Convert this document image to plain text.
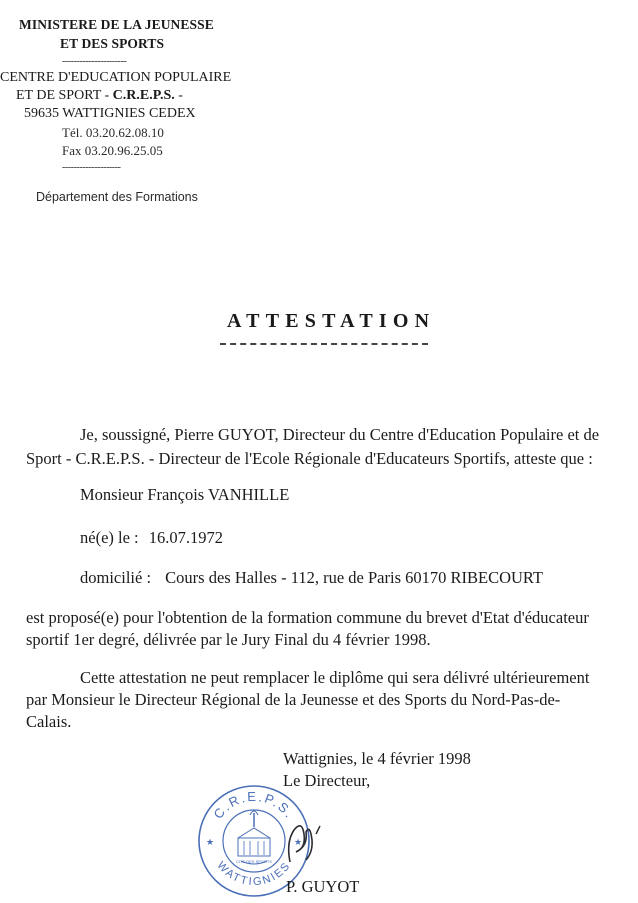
MINISTERE DE LA JEUNESSE
ET DES SPORTS
----------------------
CENTRE D'EDUCATION POPULAIRE
ET DE SPORT - C.R.E.P.S. -
59635 WATTIGNIES CEDEX
Tél. 03.20.62.08.10
Fax 03.20.96.25.05
--------------------
Département des Formations
ATTESTATION
Je, soussigné, Pierre GUYOT, Directeur du Centre d'Education Populaire et de
Sport - C.R.E.P.S. - Directeur de l'Ecole Régionale d'Educateurs Sportifs, atteste que :
Monsieur François VANHILLE
né(e) le : 16.07.1972
domicilié : Cours des Halles - 112, rue de Paris 60170 RIBECOURT
est proposé(e) pour l'obtention de la formation commune du brevet d'Etat d'éducateur
sportif 1er degré, délivrée par le Jury Final du 4 février 1998.
Cette attestation ne peut remplacer le diplôme qui sera délivré ultérieurement
par Monsieur le Directeur Régional de la Jeunesse et des Sports du Nord-Pas-de-
Calais.
Wattignies, le 4 février 1998
Le Directeur,
C.R.E.P.S.
WATTIGNIES
★	★
CITE DES SPORTS
P. GUYOT
